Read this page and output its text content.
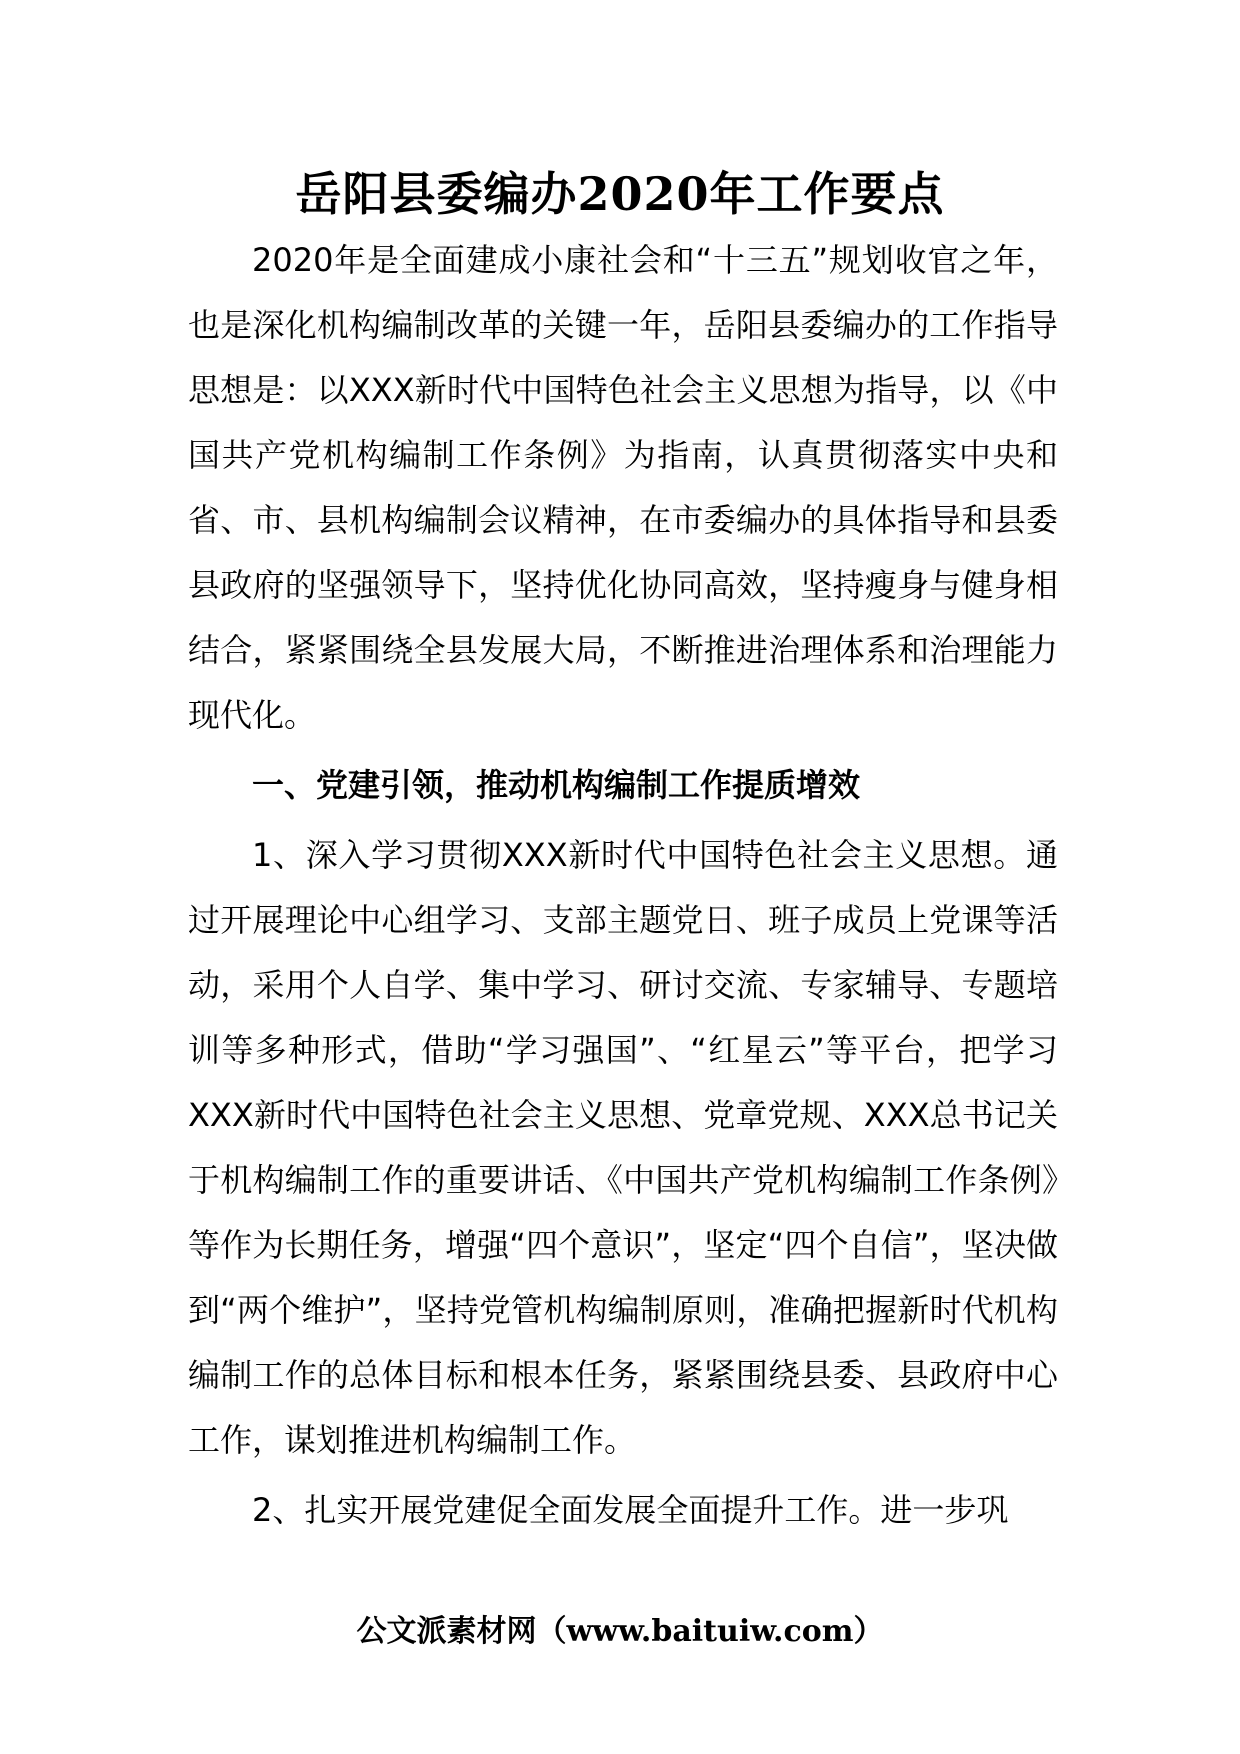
岳阳县委编办2020年工作要点

2020年是全面建成小康社会和“十三五”规划收官之年，也是深化机构编制改革的关键一年，岳阳县委编办的工作指导思想是：以XXX新时代中国特色社会主义思想为指导，以《中国共产党机构编制工作条例》为指南，认真贯彻落实中央和省、市、县机构编制会议精神，在市委编办的具体指导和县委县政府的坚强领导下，坚持优化协同高效，坚持瘦身与健身相结合，紧紧围绕全县发展大局，不断推进治理体系和治理能力现代化。

一、党建引领，推动机构编制工作提质增效

1、深入学习贯彻XXX新时代中国特色社会主义思想。通过开展理论中心组学习、支部主题党日、班子成员上党课等活动，采用个人自学、集中学习、研讨交流、专家辅导、专题培训等多种形式，借助“学习强国”、“红星云”等平台，把学习XXX新时代中国特色社会主义思想、党章党规、XXX总书记关于机构编制工作的重要讲话、《中国共产党机构编制工作条例》等作为长期任务，增强“四个意识”，坚定“四个自信”，坚决做到“两个维护”，坚持党管机构编制原则，准确把握新时代机构编制工作的总体目标和根本任务，紧紧围绕县委、县政府中心工作，谋划推进机构编制工作。

2、扎实开展党建促全面发展全面提升工作。进一步巩

公文派素材网（www.baituiw.com）
